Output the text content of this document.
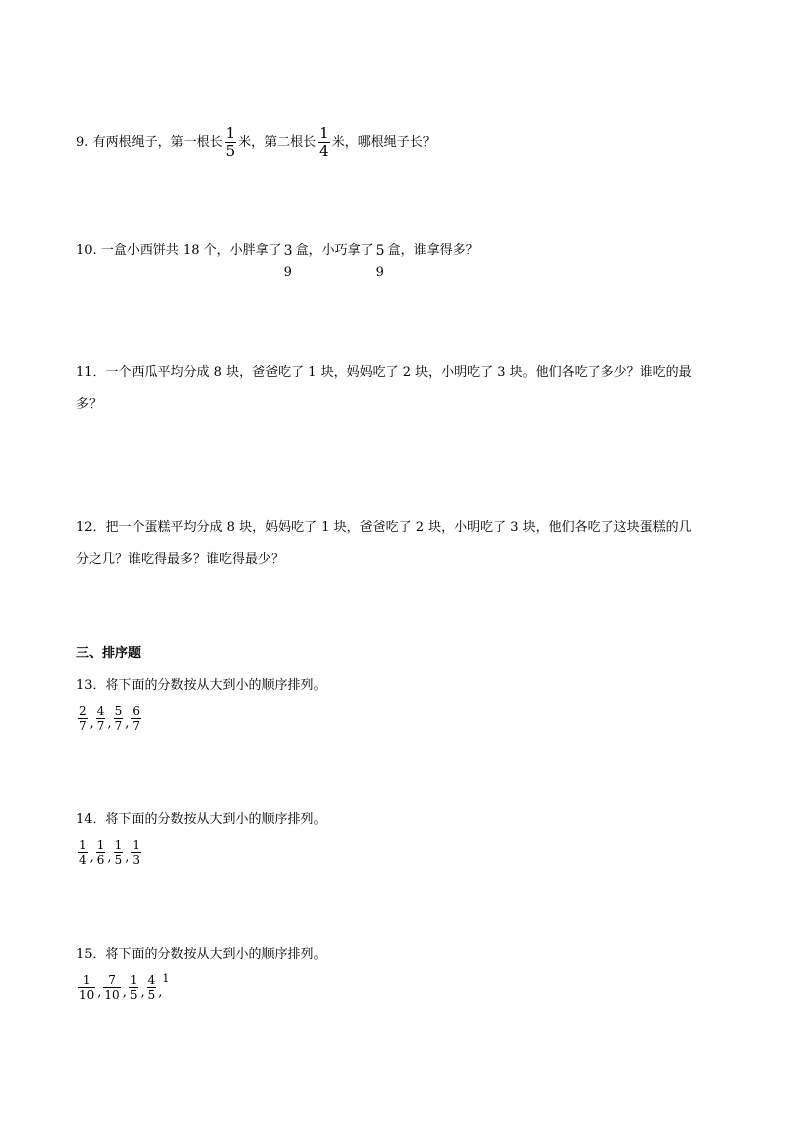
9. 有两根绳子，第一根长 $\frac{1}{5}$ 米，第二根长 $\frac{1}{4}$ 米，哪根绳子长？
10. 一盒小西饼共 18 个，小胖拿了 3
9
盒，小巧拿了 5
9
盒，谁拿得多？
11．一个西瓜平均分成 8 块，爸爸吃了 1 块，妈妈吃了 2 块，小明吃了 3 块。他们各吃了多少？谁吃的最
多？
12．把一个蛋糕平均分成 8 块，妈妈吃了 1 块，爸爸吃了 2 块，小明吃了 3 块，他们各吃了这块蛋糕的几
分之几？谁吃得最多？谁吃得最少？
三、排序题
13．将下面的分数按从大到小的顺序排列。
$\frac{2}{7}$ , $\frac{4}{7}$ , $\frac{5}{7}$ , $\frac{6}{7}$
14．将下面的分数按从大到小的顺序排列。
$\frac{1}{4}$ , $\frac{1}{6}$ , $\frac{1}{5}$ , $\frac{1}{3}$
15．将下面的分数按从大到小的顺序排列。
$\frac{1}{10}$ , $\frac{7}{10}$ , $\frac{1}{5}$ , $\frac{4}{5}$ ,
1
